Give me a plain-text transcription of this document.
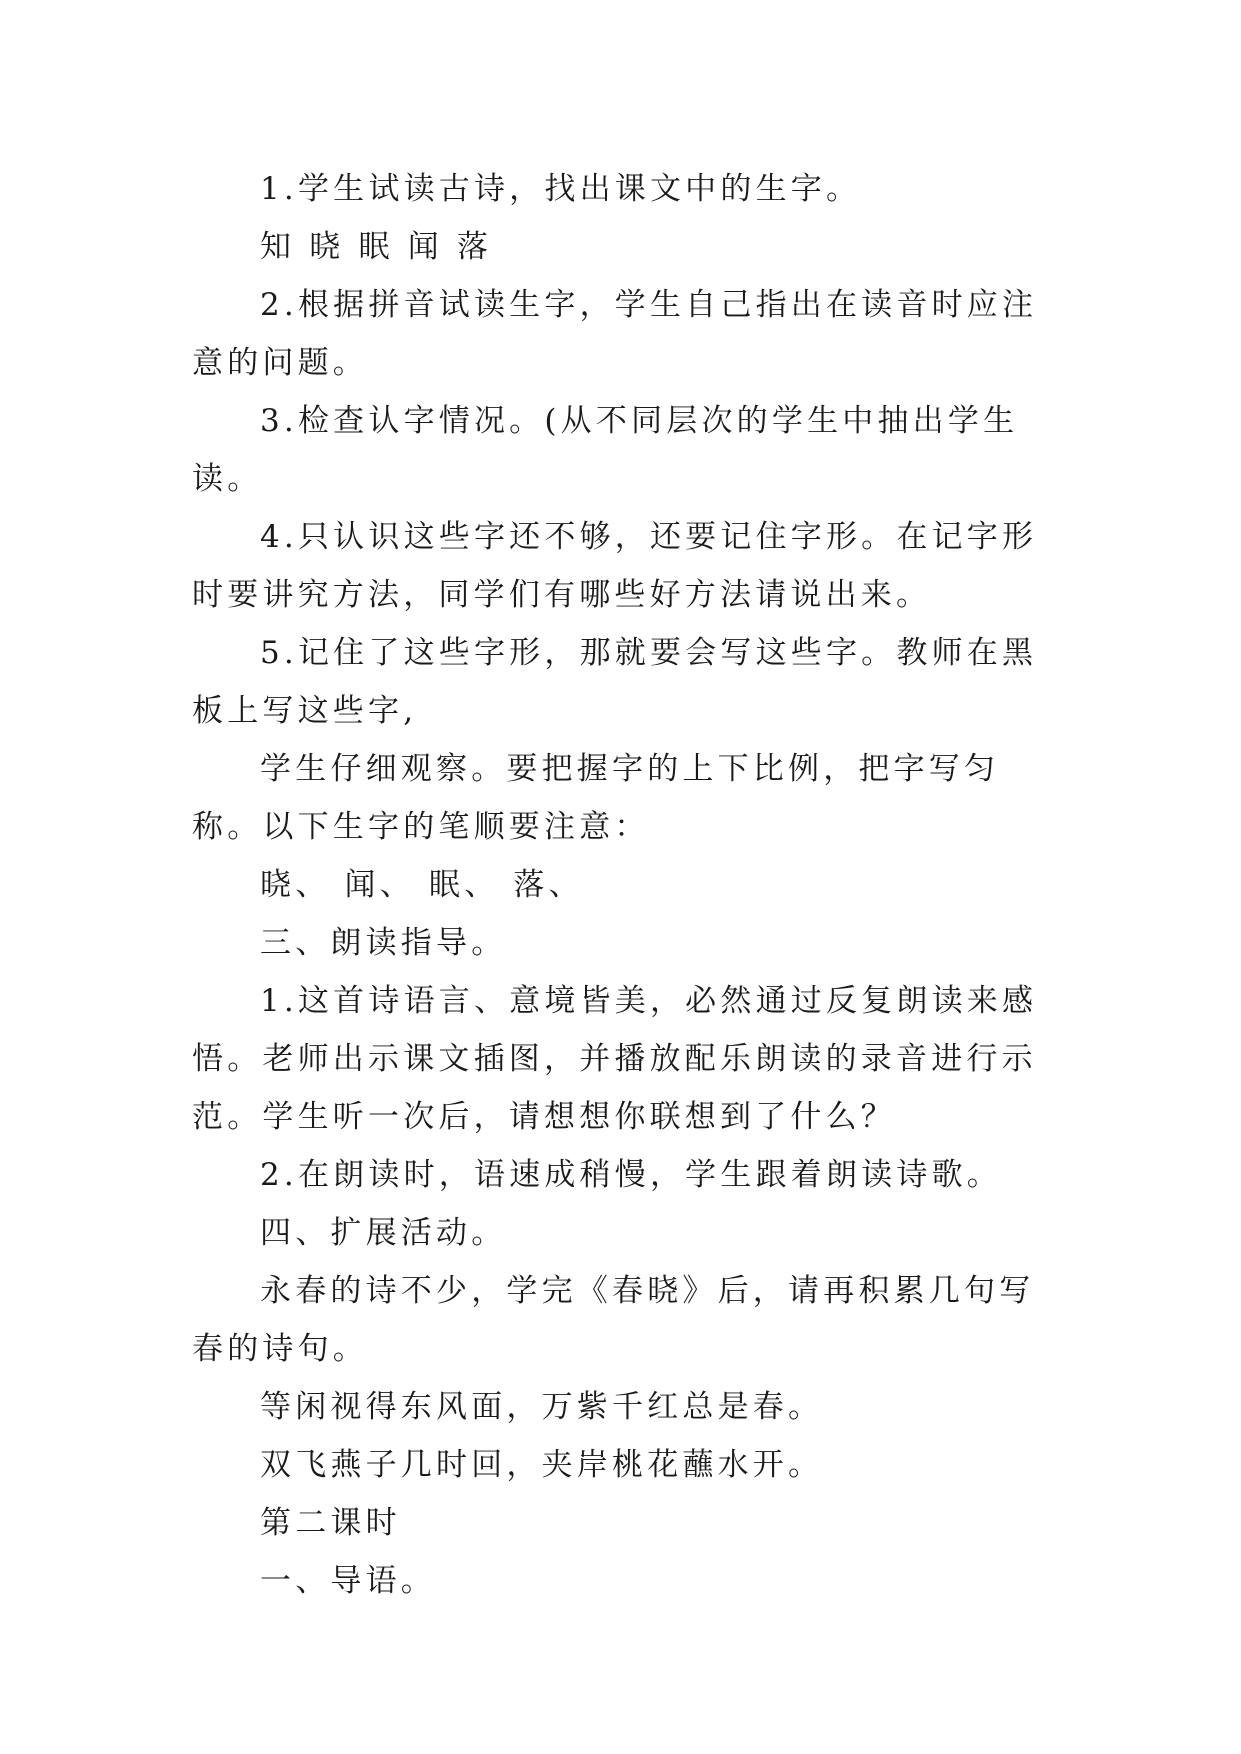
1.学生试读古诗，找出课文中的生字。

知 晓 眠 闻 落

2.根据拼音试读生字，学生自己指出在读音时应注意的问题。

3.检查认字情况。(从不同层次的学生中抽出学生读。

4.只认识这些字还不够，还要记住字形。在记字形时要讲究方法，同学们有哪些好方法请说出来。

5.记住了这些字形，那就要会写这些字。教师在黑板上写这些字,

学生仔细观察。要把握字的上下比例，把字写匀称。以下生字的笔顺要注意：

晓、 闻、 眠、 落、

三、朗读指导。

1.这首诗语言、意境皆美，必然通过反复朗读来感悟。老师出示课文插图，并播放配乐朗读的录音进行示范。学生听一次后，请想想你联想到了什么？

2.在朗读时，语速成稍慢，学生跟着朗读诗歌。

四、扩展活动。

永春的诗不少，学完《春晓》后，请再积累几句写春的诗句。

等闲视得东风面，万紫千红总是春。

双飞燕子几时回，夹岸桃花蘸水开。

第二课时

一、导语。
